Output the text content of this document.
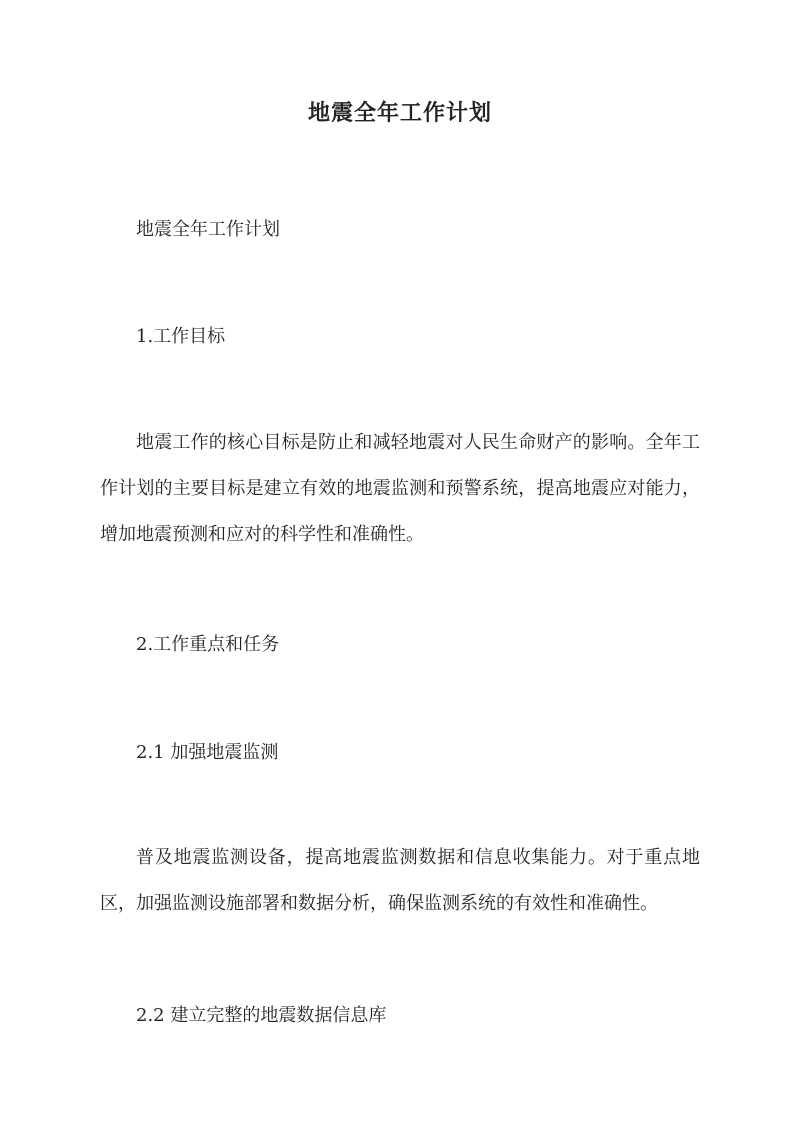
地震全年工作计划

地震全年工作计划

1.工作目标

地震工作的核心目标是防止和减轻地震对人民生命财产的影响。全年工作计划的主要目标是建立有效的地震监测和预警系统，提高地震应对能力，增加地震预测和应对的科学性和准确性。

2.工作重点和任务

2.1 加强地震监测

普及地震监测设备，提高地震监测数据和信息收集能力。对于重点地区，加强监测设施部署和数据分析，确保监测系统的有效性和准确性。

2.2 建立完整的地震数据信息库
